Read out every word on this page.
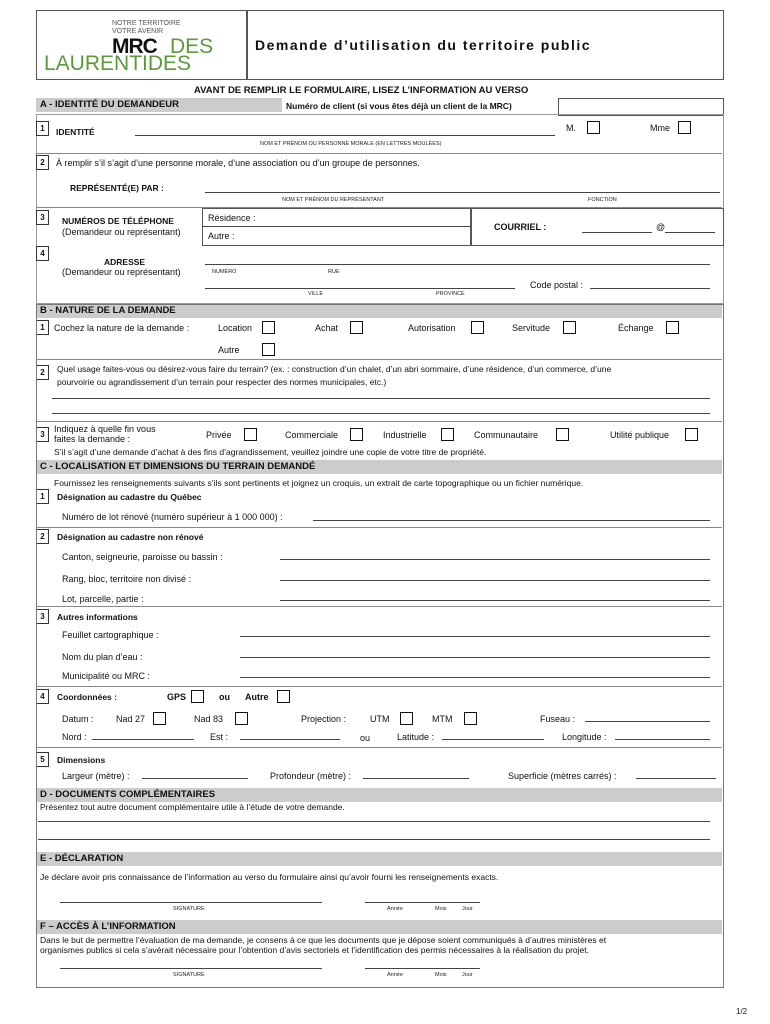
NOTRE TERRITOIRE
VOTRE AVENIR
MRC DES
LAURENTIDES
Demande d’utilisation du territoire public
AVANT DE REMPLIR LE FORMULAIRE, LISEZ L’INFORMATION AU VERSO
A - IDENTITÉ DU DEMANDEUR	Numéro de client (si vous êtes déjà un client de la MRC)
1	IDENTITÉ	M.	Mme
NOM ET PRÉNOM OU PERSONNE MORALE (EN LETTRES MOULÉES)
2	À remplir s’il s’agit d’une personne morale, d’une association ou d’un groupe de personnes.
REPRÉSENTÉ(E) PAR :
NOM ET PRÉNOM DU REPRÉSENTANT	FONCTION
3	NUMÉROS DE TÉLÉPHONE
(Demandeur ou représentant)
Résidence :
Autre :
COURRIEL :	@
4
ADRESSE
(Demandeur ou représentant)	NUMÉRO	RUE
Code postal :
VILLE	PROVINCE
B - NATURE DE LA DEMANDE
1	Cochez la nature de la demande :	Location	Achat	Autorisation	Servitude	Échange
Autre
2	Quel usage faites-vous ou désirez-vous faire du terrain? (ex. : construction d’un chalet, d’un abri sommaire, d’une résidence, d’un commerce, d’une
pourvoirie ou agrandissement d’un terrain pour respecter des normes municipales, etc.)
3
Indiquez à quelle fin vous
faites la demande :	Privée	Commerciale	Industrielle	Communautaire	Utilité publique
S’il s’agit d’une demande d’achat à des fins d’agrandissement, veuillez joindre une copie de votre titre de propriété.
C - LOCALISATION ET DIMENSIONS DU TERRAIN DEMANDÉ
Fournissez les renseignements suivants s’ils sont pertinents et joignez un croquis, un extrait de carte topographique ou un fichier numérique.
1	Désignation au cadastre du Québec
Numéro de lot rénové (numéro supérieur à 1 000 000) :
2	Désignation au cadastre non rénové
Canton, seigneurie, paroisse ou bassin :
Rang, bloc, territoire non divisé :
Lot, parcelle, partie :
3	Autres informations
Feuillet cartographique :
Nom du plan d’eau :
Municipalité ou MRC :
4	Coordonnées :	GPS	ou Autre
Datum : Nad 27	Nad 83	Projection :	UTM	MTM	Fuseau :
Nord :	Est :	ou	Latitude :	Longitude :
5	Dimensions
Largeur (mètre) :	Profondeur (mètre) :	Superficie (mètres carrés) :
D - DOCUMENTS COMPLÉMENTAIRES
Présentez tout autre document complémentaire utile à l’étude de votre demande.
E - DÉCLARATION
Je déclare avoir pris connaissance de l’information au verso du formulaire ainsi qu’avoir fourni les renseignements exacts.
SIGNATURE	Année	Mois	Jour
F – ACCÈS À L’INFORMATION
Dans le but de permettre l’évaluation de ma demande, je consens à ce que les documents que je dépose soient communiqués à d’autres ministères et
organismes publics si cela s’avérait nécessaire pour l’obtention d’avis sectoriels et l’identification des permis nécessaires à la réalisation du projet.
SIGNATURE	Année	Mois	Jour
1/2
